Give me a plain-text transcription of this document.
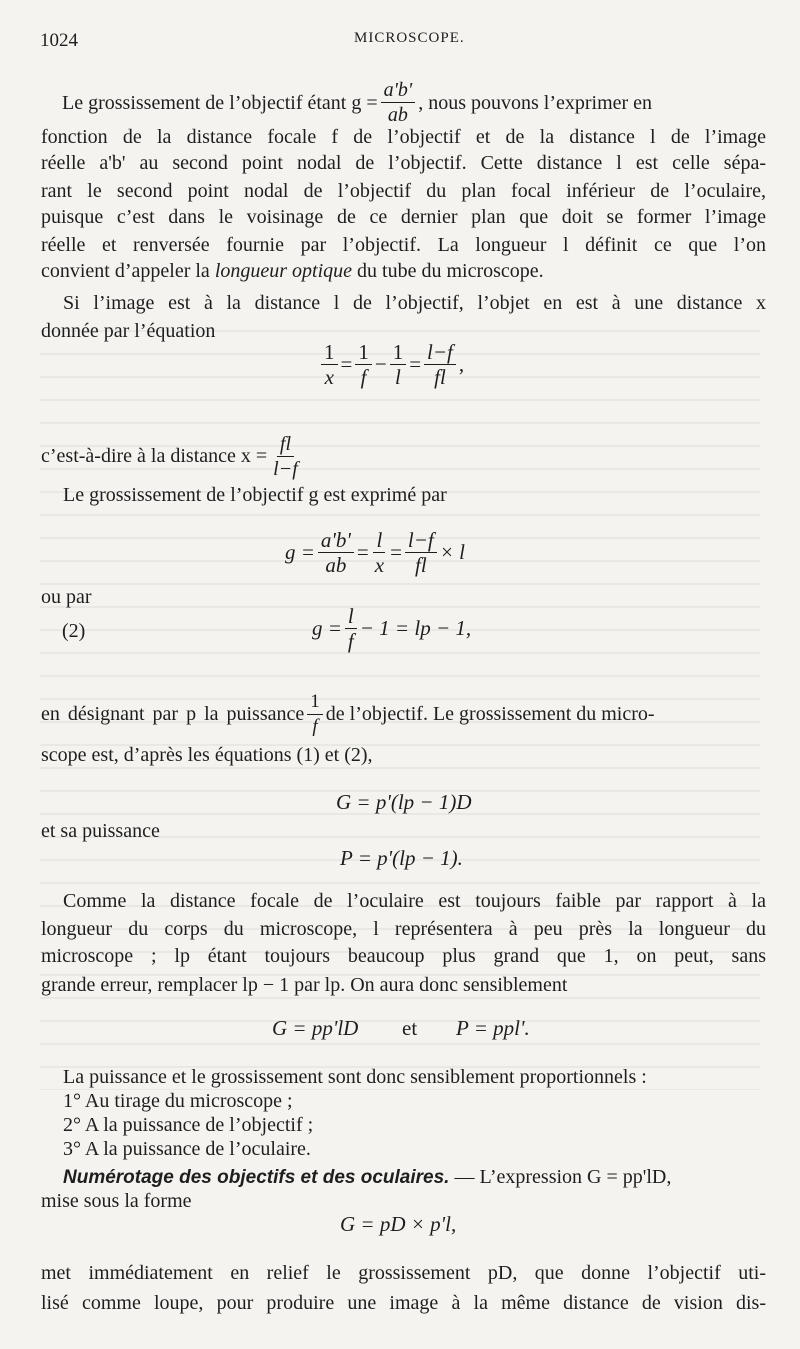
1024	MICROSCOPE.
Le grossissement de l’objectif étant $g = \frac{a'b'}{ab}$ , nous pouvons l’exprimer en
fonction de la distance focale f de l’objectif et de la distance l de l’image
réelle a'b' au second point nodal de l’objectif. Cette distance l est celle sépa-
rant le second point nodal de l’objectif du plan focal inférieur de l’oculaire,
puisque c’est dans le voisinage de ce dernier plan que doit se former l’image
réelle et renversée fournie par l’objectif. La longueur l définit ce que l’on
convient d’appeler la longueur optique du tube du microscope.
Si l’image est à la distance l de l’objectif, l’objet en est à une distance x
donnée par l’équation
$\frac{1}{x} = \frac{1}{f} - \frac{1}{l} = \frac{l-f}{fl}$ ,
c’est-à-dire à la distance $x = \frac{fl}{l-f}$
Le grossissement de l’objectif g est exprimé par
$g = \frac{a'b'}{ab} = \frac{l}{x} = \frac{l-f}{fl} \times l$
ou par
(2)	$g = \frac{l}{f} - 1$ = lp − 1,
en désignant par p la puissance $\frac{1}{f}$ de l’objectif. Le grossissement du micro-
scope est, d’après les équations (1) et (2),
G = p'(lp − 1)D
et sa puissance
P = p'(lp − 1).
Comme la distance focale de l’oculaire est toujours faible par rapport à la
longueur du corps du microscope, l représentera à peu près la longueur du
microscope ; lp étant toujours beaucoup plus grand que 1, on peut, sans
grande erreur, remplacer lp − 1 par lp. On aura donc sensiblement
G = pp'lD et P = ppl'.
La puissance et le grossissement sont donc sensiblement proportionnels :
1° Au tirage du microscope ;
2° A la puissance de l’objectif ;
3° A la puissance de l’oculaire.
Numérotage des objectifs et des oculaires. — L’expression G = pp'lD,
mise sous la forme
G = pD × p'l,
met immédiatement en relief le grossissement pD, que donne l’objectif uti-
lisé comme loupe, pour produire une image à la même distance de vision dis-
